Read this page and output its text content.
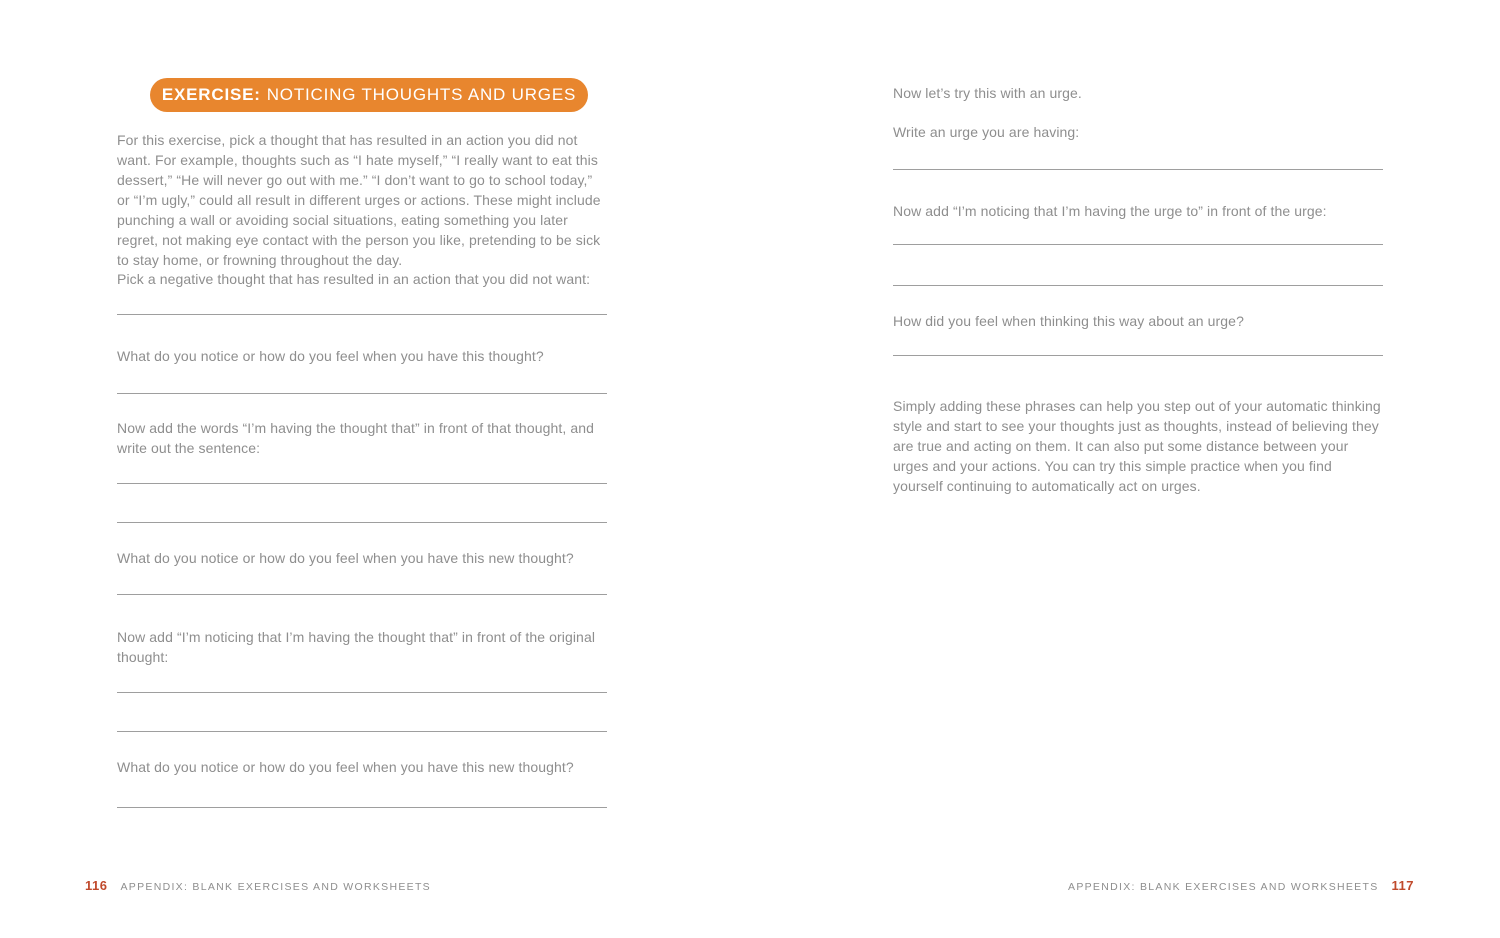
EXERCISE: NOTICING THOUGHTS AND URGES

For this exercise, pick a thought that has resulted in an action you did not want. For example, thoughts such as “I hate myself,” “I really want to eat this dessert,” “He will never go out with me.” “I don’t want to go to school today,” or “I’m ugly,” could all result in different urges or actions. These might include punching a wall or avoiding social situations, eating something you later regret, not making eye contact with the person you like, pretending to be sick to stay home, or frowning throughout the day.

Pick a negative thought that has resulted in an action that you did not want:

What do you notice or how do you feel when you have this thought?

Now add the words “I’m having the thought that” in front of that thought, and write out the sentence:

What do you notice or how do you feel when you have this new thought?

Now add “I’m noticing that I’m having the thought that” in front of the original thought:

What do you notice or how do you feel when you have this new thought?

Now let’s try this with an urge.

Write an urge you are having:

Now add “I’m noticing that I’m having the urge to” in front of the urge:

How did you feel when thinking this way about an urge?

Simply adding these phrases can help you step out of your automatic thinking style and start to see your thoughts just as thoughts, instead of believing they are true and acting on them. It can also put some distance between your urges and your actions. You can try this simple practice when you find yourself continuing to automatically act on urges.

116 APPENDIX: BLANK EXERCISES AND WORKSHEETS	APPENDIX: BLANK EXERCISES AND WORKSHEETS 117
